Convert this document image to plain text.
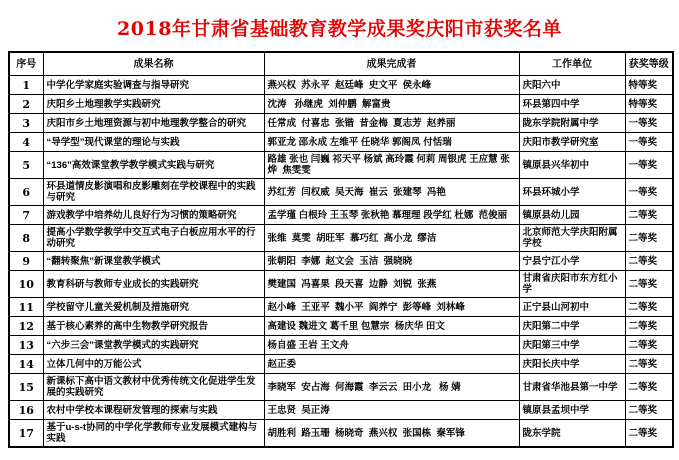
2018年甘肃省基础教育教学成果奖庆阳市获奖名单
序号	成果名称	成果完成者	工作单位	获奖等级
1	中学化学家庭实验调查与指导研究	燕兴权  苏永平  赵廷峰  史文平  侯永峰	庆阳六中	特等奖
2	庆阳乡土地理教学实践研究	沈涛   孙继虎  刘仲鹏  解富贵	环县第四中学	特等奖
3	庆阳市乡土地理资源与初中地理教学整合的研究	任常成  付喜忠  张锴  昔金梅  夏志芳  赵养丽	陇东学院附属中学	一等奖
4	“导学型”现代课堂的理论与实践	郭亚龙 邵永成 左维平 任晓华 郭阁凤 付恬瑞	庆阳市教学研究室	一等奖
5	“136”高效课堂教学教学模式实践与研究	路雄 张也 闫巍 祁天平 杨斌 高玲霞 何莉 周银虎 王应慧 张烨  焦雯雯	镇原县兴华初中	一等奖
6	环县道情皮影演唱和皮影雕刻在学校课程中的实践与研究	苏红芳  闫权威  吴天海  崔云  张建琴  冯艳	环县环城小学	一等奖
7	游戏教学中培养幼儿良好行为习惯的策略研究	孟学瑾 白根玲 王玉琴 张秋艳 慕理理 段学红 杜娜  范俊丽	镇原县幼儿园	二等奖
8	提高小学数学教学中交互式电子白板应用水平的行动研究	张维  莫雯  胡旺军  慕巧红  高小龙  缪洁	北京师范大学庆阳附属学校	二等奖
9	“翻转聚焦”新课堂教学模式	张朝阳  李娜  赵文会  玉洁  强晓晓	宁县宁江小学	二等奖
10	教育科研与教师专业成长的实践研究	樊建国  冯喜果  段天喜  边静  刘锐  张燕	甘肃省庆阳市东方红小学	二等奖
11	学校留守儿童关爱机制及措施研究	赵小峰  王亚平  魏小平  阎养宁  彭等峰  刘林峰	正宁县山河初中	二等奖
12	基于核心素养的高中生物教学研究报告	高建设 魏进文 葛千里 包慧宗  杨庆华 田文	庆阳第二中学	二等奖
13	“六步三会”课堂教学模式的实践研究	杨自盛 王岩 王文舟	庆阳第三中学	二等奖
14	立体几何中的万能公式	赵正委	庆阳长庆中学	二等奖
15	新课标下高中语文教材中优秀传统文化促进学生发展的实践研究	李晓军  安占海  何海霞  李云云  田小龙   杨 婧	甘肃省华池县第一中学	二等奖
16	农村中学校本课程研发管理的探索与实践	王忠贤  吴正涛	镇原县孟坝中学	二等奖
17	基于u-s-t协同的中学化学教师专业发展模式建构与实践	胡胜利  路玉珊  杨晓奇  燕兴权  张国栋  秦军锋	陇东学院	二等奖
